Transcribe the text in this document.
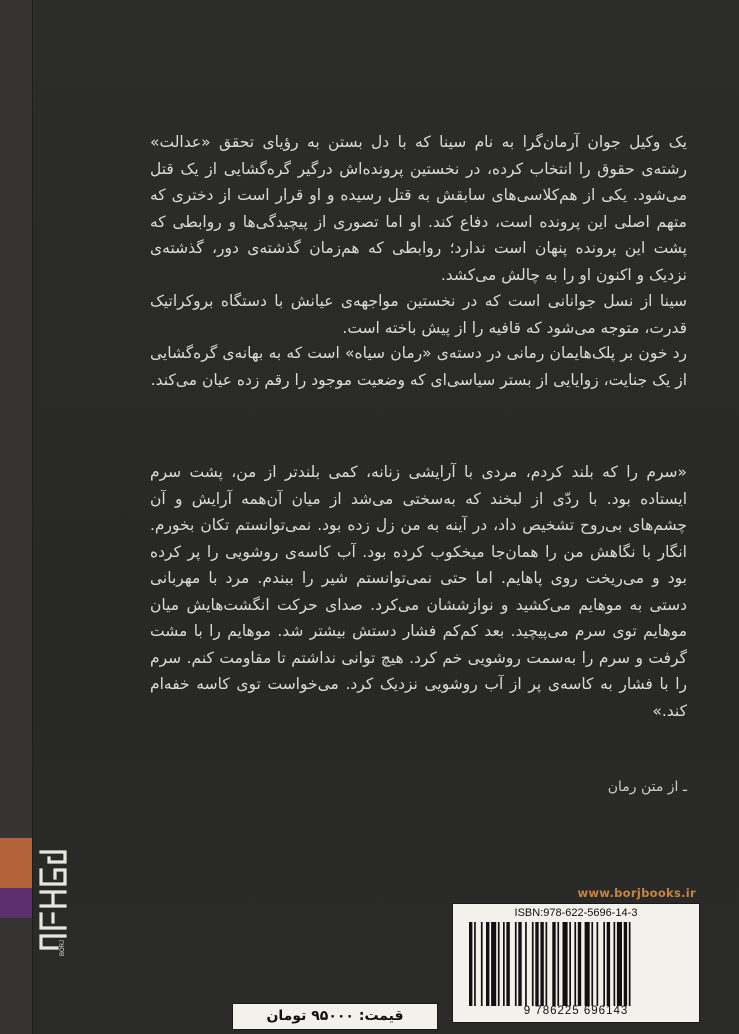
BORJ
یک وکیل جوان آرمان‌گرا به نام سینا که با دل بستن به رؤیای تحقق «عدالت» رشته‌ی حقوق را انتخاب کرده، در نخستین پرونده‌اش درگیر گره‌گشایی از یک قتل می‌شود. یکی از هم‌کلاسی‌های سابقش به قتل رسیده و او قرار است از دختری که متهم اصلی این پرونده است، دفاع کند. او اما تصوری از پیچیدگی‌ها و روابطی که پشت این پرونده پنهان است ندارد؛ روابطی که هم‌زمان گذشته‌ی دور، گذشته‌ی نزدیک و اکنون او را به چالش می‌کشد.
سینا از نسل جوانانی است که در نخستین مواجهه‌ی عیانش با دستگاه بروکراتیک قدرت، متوجه می‌شود که قافیه را از پیش باخته است.
رد خون بر پلک‌هایمان رمانی در دسته‌ی «رمان سیاه» است که به بهانه‌ی گره‌گشایی از یک جنایت، زوایایی از بستر سیاسی‌ای که وضعیت موجود را رقم زده عیان می‌کند.
«سرم را که بلند کردم، مردی با آرایشی زنانه، کمی بلندتر از من، پشت سرم ایستاده بود. با ردّی از لبخند که به‌سختی می‌شد از میان آن‌همه آرایش و آن چشم‌های بی‌روح تشخیص داد، در آینه به من زل زده بود. نمی‌توانستم تکان بخورم. انگار با نگاهش من را همان‌جا میخکوب کرده بود. آب کاسه‌ی روشویی را پر کرده بود و می‌ریخت روی پاهایم. اما حتی نمی‌توانستم شیر را ببندم. مرد با مهربانی دستی به موهایم می‌کشید و نوازششان می‌کرد. صدای حرکت انگشت‌هایش میان موهایم توی سرم می‌پیچید. بعد کم‌کم فشار دستش بیشتر شد. موهایم را با مشت گرفت و سرم را به‌سمت روشویی خم کرد. هیچ توانی نداشتم تا مقاومت کنم. سرم را با فشار به کاسه‌ی پر از آب روشویی نزدیک کرد. می‌خواست توی کاسه خفه‌ام کند.»
ـ از متن رمان
www.borjbooks.ir
ISBN:978-622-5696-14-3
9 786225 696143
قیمت: ۹۵۰۰۰ تومان
